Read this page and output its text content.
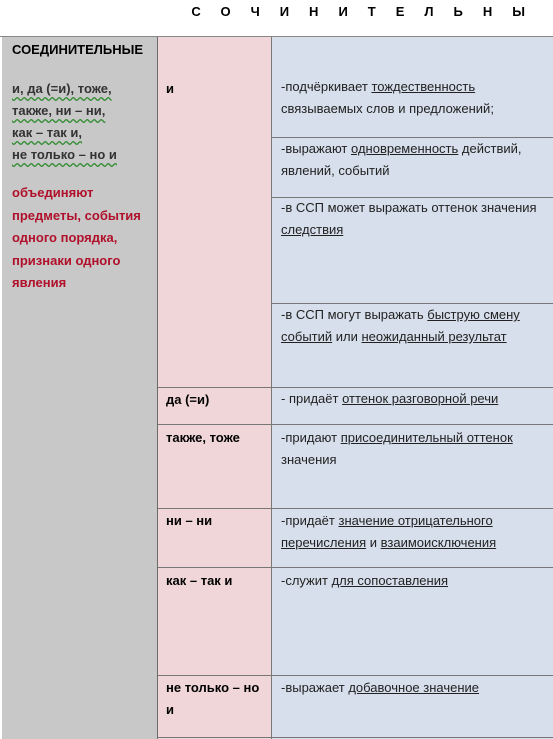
СОЧИНИТЕЛЬНЫ
СОЕДИНИТЕЛЬНЫЕ
и, да (=и), тоже,
также, ни – ни,
как – так и,
не только – но и
объединяют предметы, события одного порядка, признаки одного явления
и
да (=и)
также, тоже
ни – ни
как – так и
не только – но и
-подчёркивает тождественность связываемых слов и предложений;
-выражают одновременность действий, явлений, событий
-в ССП может выражать оттенок значения следствия
-в ССП могут выражать быструю смену событий или неожиданный результат
- придаёт оттенок разговорной речи
-придают присоединительный оттенок значения
-придаёт значение отрицательного перечисления и взаимоисключения
-служит для сопоставления
-выражает добавочное значение
